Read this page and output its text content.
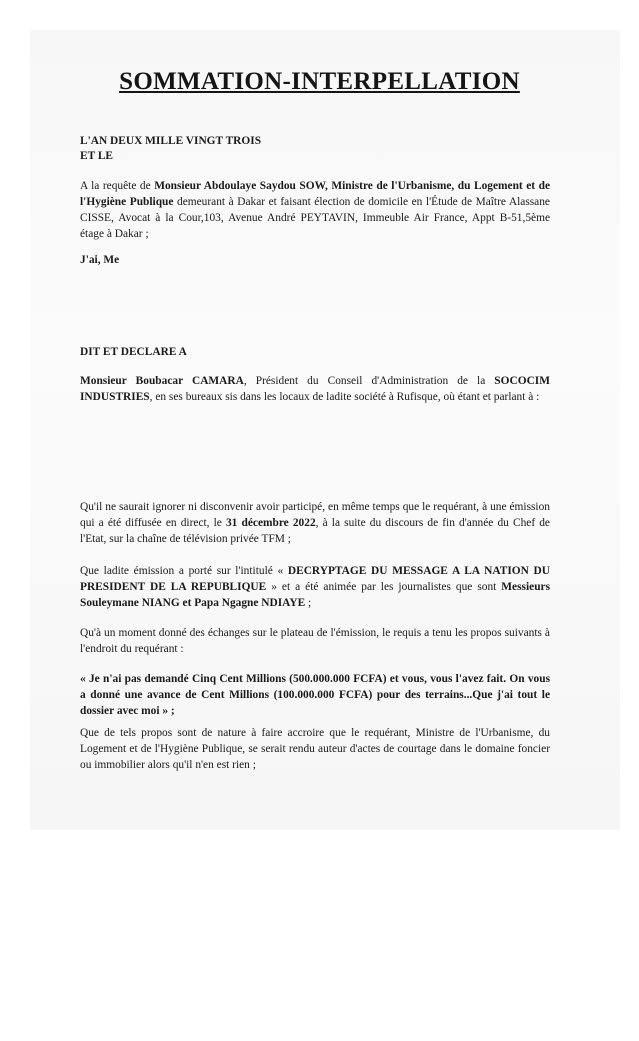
SOMMATION-INTERPELLATION
L'AN DEUX MILLE VINGT TROIS
ET LE
A la requête de Monsieur Abdoulaye Saydou SOW, Ministre de l'Urbanisme, du Logement et de l'Hygiène Publique demeurant à Dakar et faisant élection de domicile en l'Étude de Maître Alassane CISSE, Avocat à la Cour,103, Avenue André PEYTAVIN, Immeuble Air France, Appt B-51,5ème étage à Dakar ;
J'ai, Me
DIT ET DECLARE A
Monsieur Boubacar CAMARA, Président du Conseil d'Administration de la SOCOCIM INDUSTRIES, en ses bureaux sis dans les locaux de ladite société à Rufisque, où étant et parlant à :
Qu'il ne saurait ignorer ni disconvenir avoir participé, en même temps que le requérant, à une émission qui a été diffusée en direct, le 31 décembre 2022, à la suite du discours de fin d'année du Chef de l'Etat, sur la chaîne de télévision privée TFM ;
Que ladite émission a porté sur l'intitulé « DECRYPTAGE DU MESSAGE A LA NATION DU PRESIDENT DE LA REPUBLIQUE » et a été animée par les journalistes que sont Messieurs Souleymane NIANG et Papa Ngagne NDIAYE ;
Qu'à un moment donné des échanges sur le plateau de l'émission, le requis a tenu les propos suivants à l'endroit du requérant :
« Je n'ai pas demandé Cinq Cent Millions (500.000.000 FCFA) et vous, vous l'avez fait. On vous a donné une avance de Cent Millions (100.000.000 FCFA) pour des terrains...Que j'ai tout le dossier avec moi » ;
Que de tels propos sont de nature à faire accroire que le requérant, Ministre de l'Urbanisme, du Logement et de l'Hygiène Publique, se serait rendu auteur d'actes de courtage dans le domaine foncier ou immobilier alors qu'il n'en est rien ;
